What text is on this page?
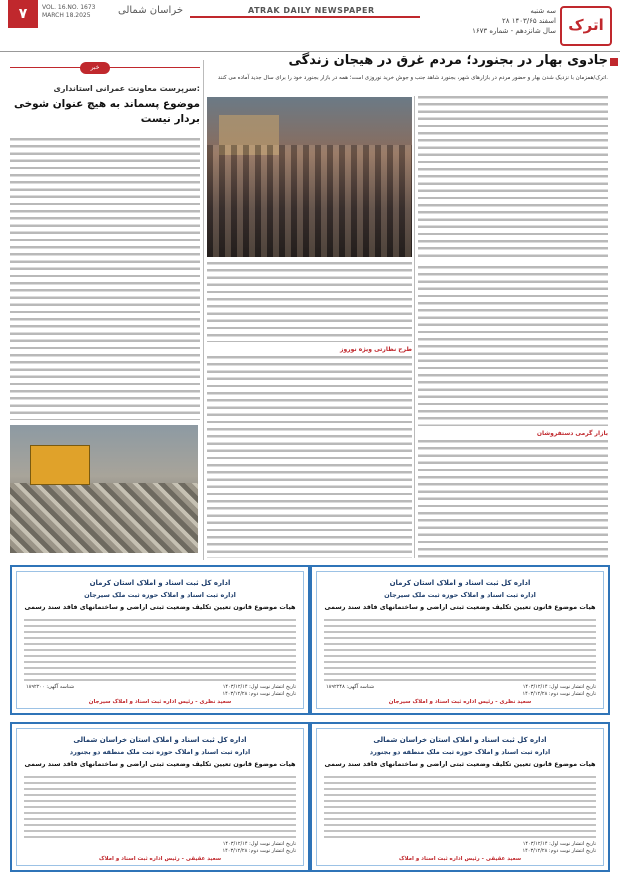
اترک
سه شنبه
۲۸ اسفند ۱۴۰۳/۶۵
سال شانزدهم - شماره ۱۶۷۳
ATRAK DAILY NEWSPAPER
خراسان شمالی
VOL. 16.NO. 1673
MARCH 18.2025
۷
جادوی بهار در بجنورد؛ مردم غرق در هیجان زندگی
اترک/همزمان با نزدیک شدن بهار و حضور مردم در بازارهای شهر، بجنورد شاهد جنب و جوش خرید نوروزی است؛ همه در بازار بجنورد خود را برای سال جدید آماده می کنند.
بازار گرمی دستفروشان
طرح نظارتی ویژه نوروز
خبر
سرپرست معاونت عمرانی استانداری:
موضوع پسماند به هیچ عنوان شوخی بردار نیست
اداره کل ثبت اسناد و املاک استان کرمان
اداره ثبت اسناد و املاک حوزه ثبت ملک سیرجان
هیات موضوع قانون تعیین تکلیف وضعیت ثبتی اراضی و ساختمانهای فاقد سند رسمی
تاریخ انتشار نوبت اول: ۱۴۰۳/۱۲/۱۴
تاریخ انتشار نوبت دوم: ۱۴۰۳/۱۲/۲۸
شناسه آگهی: ۱۸۹۲۲۰۰
سعید نظری - رئیس اداره ثبت اسناد و املاک سیرجان
اداره کل ثبت اسناد و املاک استان کرمان
اداره ثبت اسناد و املاک حوزه ثبت ملک سیرجان
هیات موضوع قانون تعیین تکلیف وضعیت ثبتی اراضی و ساختمانهای فاقد سند رسمی
تاریخ انتشار نوبت اول: ۱۴۰۳/۱۲/۱۴
تاریخ انتشار نوبت دوم: ۱۴۰۳/۱۲/۲۸
شناسه آگهی: ۱۸۹۲۲۴۸
سعید نظری - رئیس اداره ثبت اسناد و املاک سیرجان
اداره کل ثبت اسناد و املاک استان خراسان شمالی
اداره ثبت اسناد و املاک حوزه ثبت ملک منطقه دو بجنورد
هیات موضوع قانون تعیین تکلیف وضعیت ثبتی اراضی و ساختمانهای فاقد سند رسمی
تاریخ انتشار نوبت اول: ۱۴۰۳/۱۲/۱۴
تاریخ انتشار نوبت دوم: ۱۴۰۳/۱۲/۲۸
سعید عقیقی - رئیس اداره ثبت اسناد و املاک
اداره کل ثبت اسناد و املاک استان خراسان شمالی
اداره ثبت اسناد و املاک حوزه ثبت ملک منطقه دو بجنورد
هیات موضوع قانون تعیین تکلیف وضعیت ثبتی اراضی و ساختمانهای فاقد سند رسمی
تاریخ انتشار نوبت اول: ۱۴۰۳/۱۲/۱۴
تاریخ انتشار نوبت دوم: ۱۴۰۳/۱۲/۲۸
سعید عقیقی - رئیس اداره ثبت اسناد و املاک
